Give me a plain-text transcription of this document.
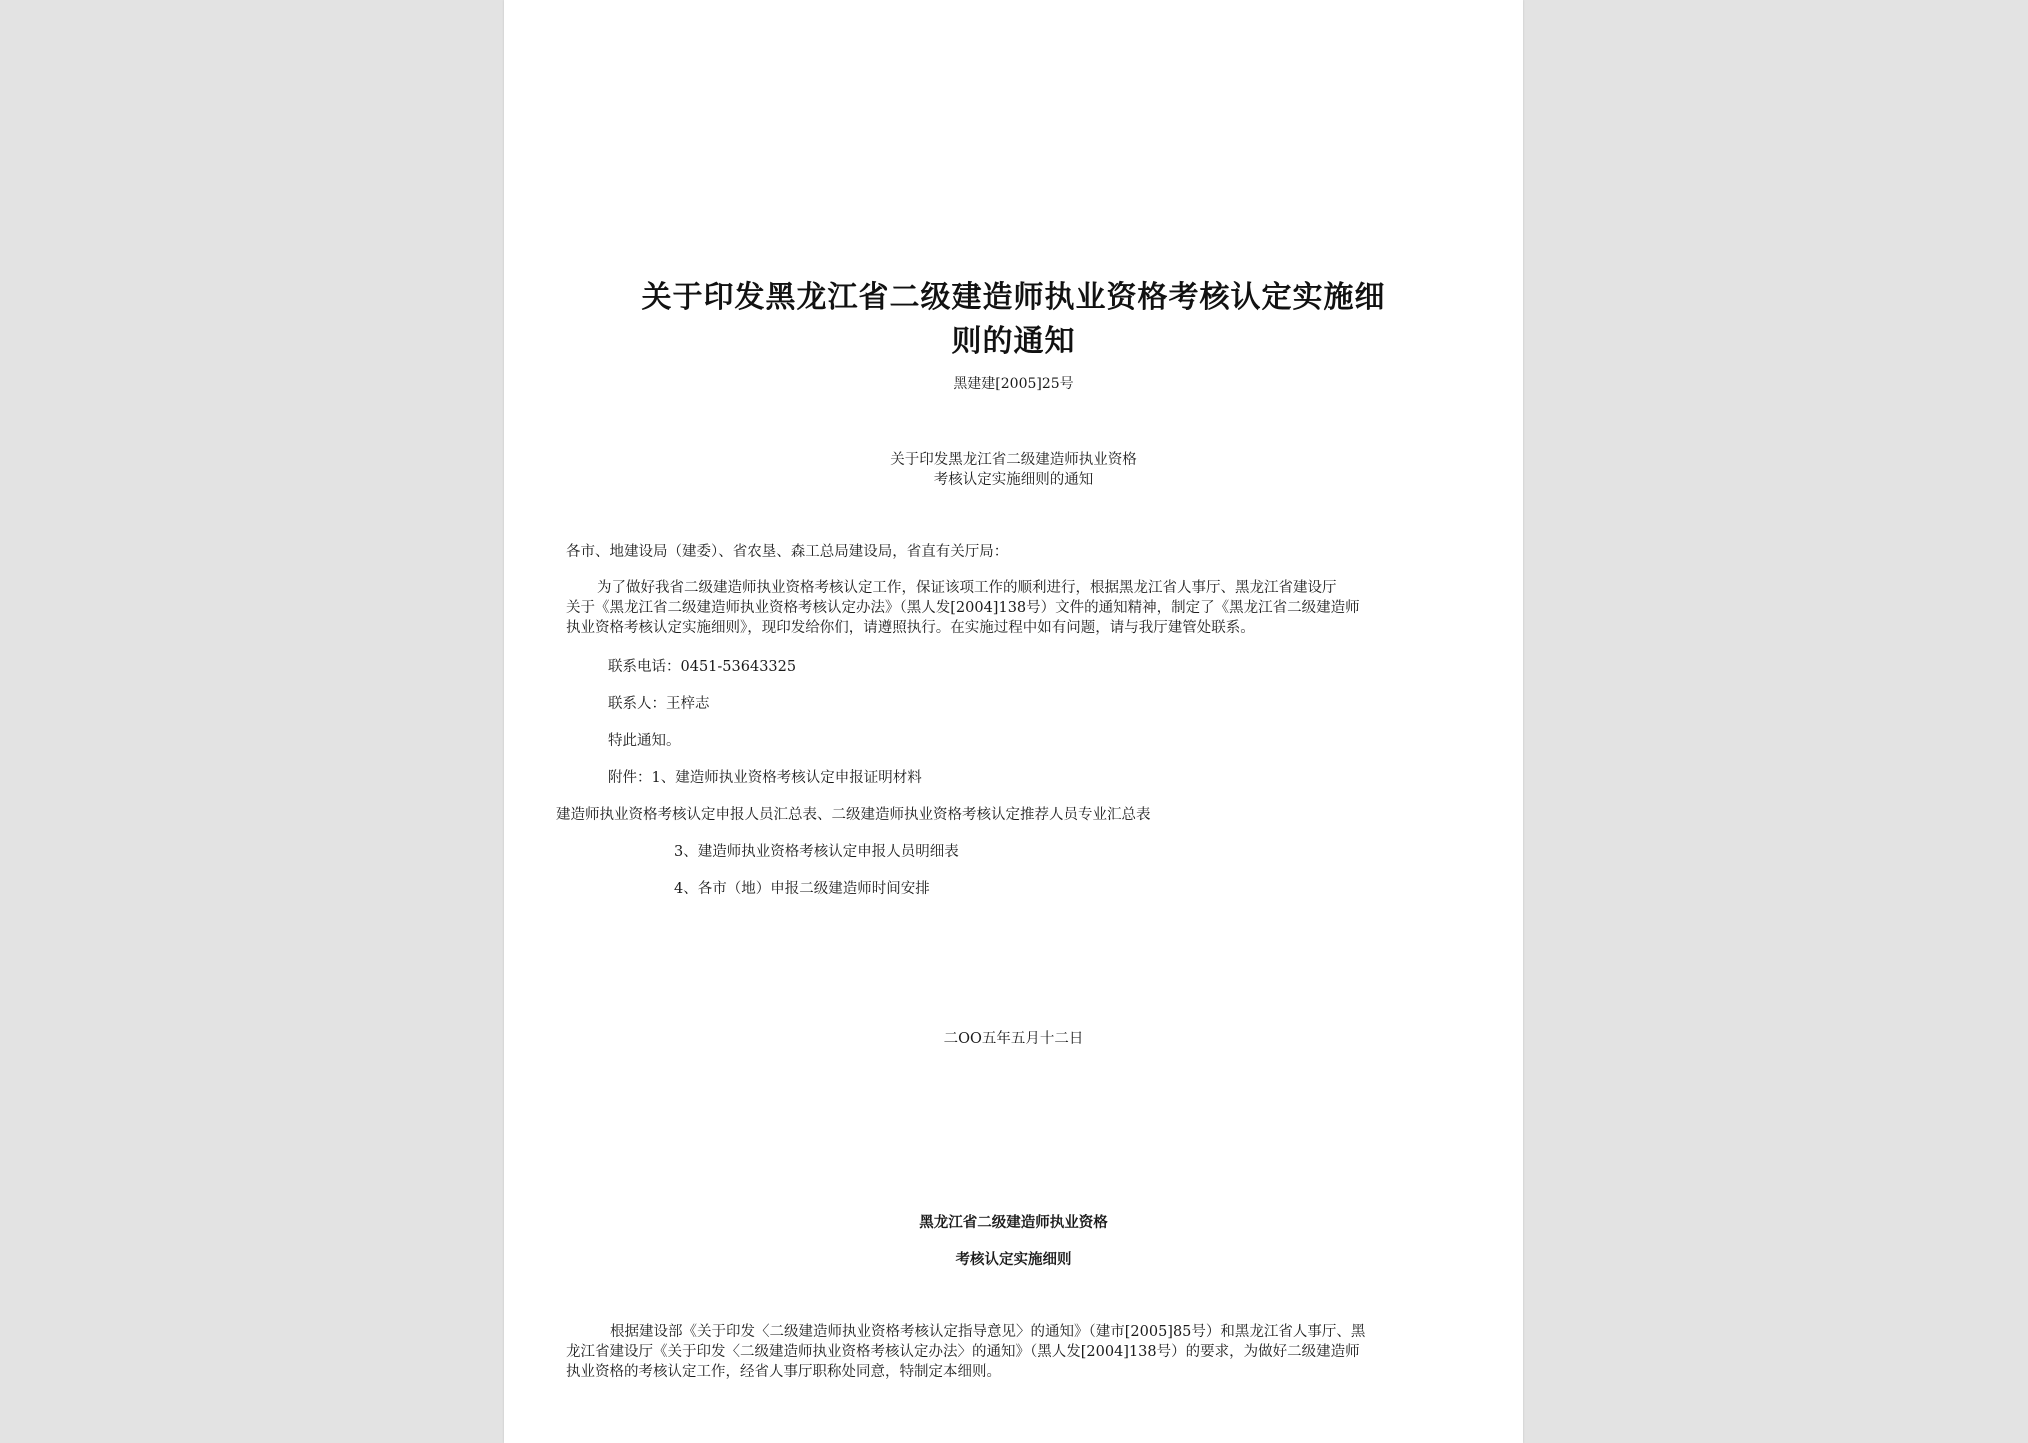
关于印发黑龙江省二级建造师执业资格考核认定实施细
则的通知
黑建建[2005]25号
关于印发黑龙江省二级建造师执业资格
考核认定实施细则的通知
各市、地建设局（建委）、省农垦、森工总局建设局，省直有关厅局：
为了做好我省二级建造师执业资格考核认定工作，保证该项工作的顺利进行，根据黑龙江省人事厅、黑龙江省建设厅
关于《黑龙江省二级建造师执业资格考核认定办法》（黑人发[2004]138号）文件的通知精神，制定了《黑龙江省二级建造师
执业资格考核认定实施细则》，现印发给你们，请遵照执行。在实施过程中如有问题，请与我厅建管处联系。
联系电话：0451-53643325
联系人：王梓志
特此通知。
附件：1、建造师执业资格考核认定申报证明材料
建造师执业资格考核认定申报人员汇总表、二级建造师执业资格考核认定推荐人员专业汇总表
3、建造师执业资格考核认定申报人员明细表
4、各市（地）申报二级建造师时间安排
二OO五年五月十二日
黑龙江省二级建造师执业资格
考核认定实施细则
根据建设部《关于印发〈二级建造师执业资格考核认定指导意见〉的通知》（建市[2005]85号）和黑龙江省人事厅、黑
龙江省建设厅《关于印发〈二级建造师执业资格考核认定办法〉的通知》（黑人发[2004]138号）的要求，为做好二级建造师
执业资格的考核认定工作，经省人事厅职称处同意，特制定本细则。
